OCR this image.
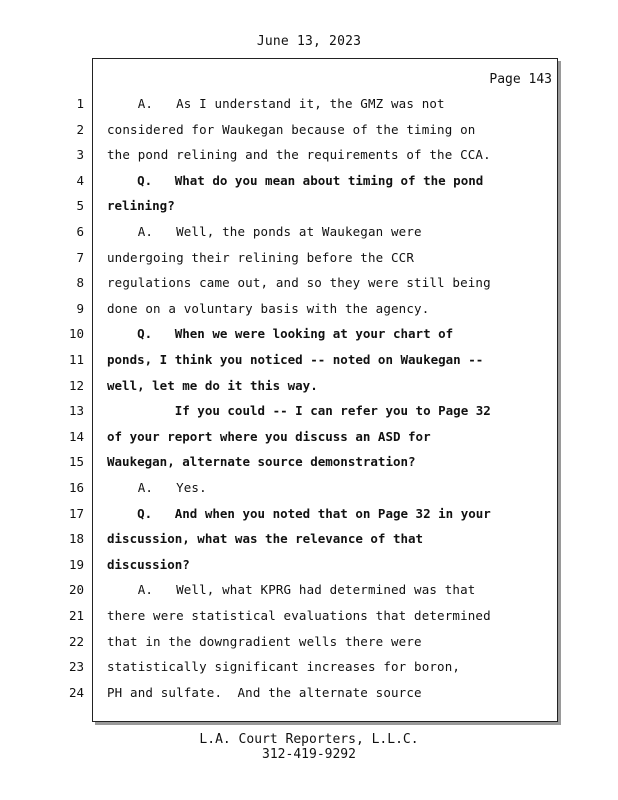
June 13, 2023
Page 143
1 A.   As I understand it, the GMZ was not
2 considered for Waukegan because of the timing on
3 the pond relining and the requirements of the CCA.
4 Q.   What do you mean about timing of the pond
5 relining?
6 A.   Well, the ponds at Waukegan were
7 undergoing their relining before the CCR
8 regulations came out, and so they were still being
9 done on a voluntary basis with the agency.
10 Q.   When we were looking at your chart of
11 ponds, I think you noticed -- noted on Waukegan --
12 well, let me do it this way.
13 If you could -- I can refer you to Page 32
14 of your report where you discuss an ASD for
15 Waukegan, alternate source demonstration?
16 A.   Yes.
17 Q.   And when you noted that on Page 32 in your
18 discussion, what was the relevance of that
19 discussion?
20 A.   Well, what KPRG had determined was that
21 there were statistical evaluations that determined
22 that in the downgradient wells there were
23 statistically significant increases for boron,
24 PH and sulfate.  And the alternate source
L.A. Court Reporters, L.L.C.
312-419-9292
